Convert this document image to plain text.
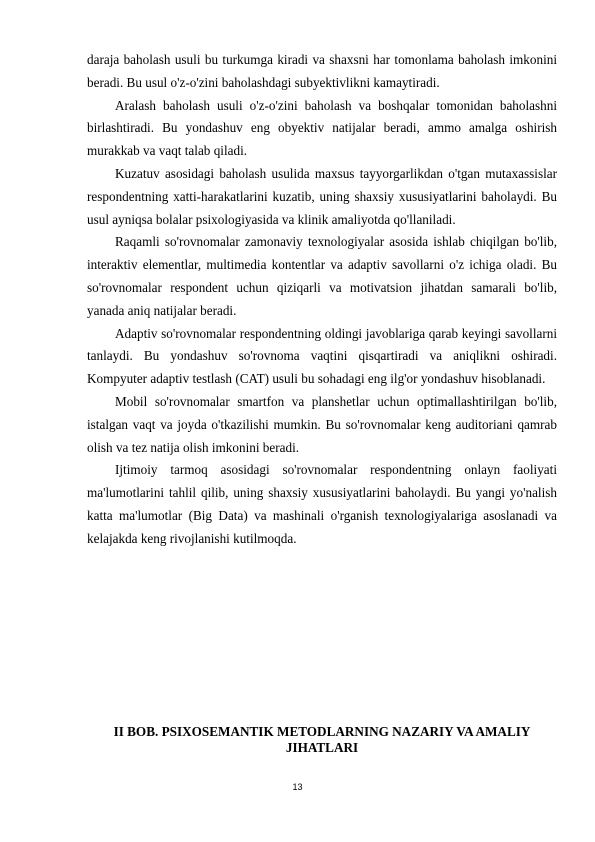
daraja baholash usuli bu turkumga kiradi va shaxsni har tomonlama baholash imkonini beradi. Bu usul o'z-o'zini baholashdagi subyektivlikni kamaytiradi.

Aralash baholash usuli o'z-o'zini baholash va boshqalar tomonidan baholashni birlashtiradi. Bu yondashuv eng obyektiv natijalar beradi, ammo amalga oshirish murakkab va vaqt talab qiladi.

Kuzatuv asosidagi baholash usulida maxsus tayyorgarlikdan o'tgan mutaxassislar respondentning xatti-harakatlarini kuzatib, uning shaxsiy xususiyatlarini baholaydi. Bu usul ayniqsa bolalar psixologiyasida va klinik amaliyotda qo'llaniladi.

Raqamli so'rovnomalar zamonaviy texnologiyalar asosida ishlab chiqilgan bo'lib, interaktiv elementlar, multimedia kontentlar va adaptiv savollarni o'z ichiga oladi. Bu so'rovnomalar respondent uchun qiziqarli va motivatsion jihatdan samarali bo'lib, yanada aniq natijalar beradi.

Adaptiv so'rovnomalar respondentning oldingi javoblariga qarab keyingi savollarni tanlaydi. Bu yondashuv so'rovnoma vaqtini qisqartiradi va aniqlikni oshiradi. Kompyuter adaptiv testlash (CAT) usuli bu sohadagi eng ilg'or yondashuv hisoblanadi.

Mobil so'rovnomalar smartfon va planshetlar uchun optimallashtirilgan bo'lib, istalgan vaqt va joyda o'tkazilishi mumkin. Bu so'rovnomalar keng auditoriani qamrab olish va tez natija olish imkonini beradi.

Ijtimoiy tarmoq asosidagi so'rovnomalar respondentning onlayn faoliyati ma'lumotlarini tahlil qilib, uning shaxsiy xususiyatlarini baholaydi. Bu yangi yo'nalish katta ma'lumotlar (Big Data) va mashinali o'rganish texnologiyalariga asoslanadi va kelajakda keng rivojlanishi kutilmoqda.

II BOB. PSIXOSEMANTIK METODLARNING NAZARIY VA AMALIY JIHATLARI
13
